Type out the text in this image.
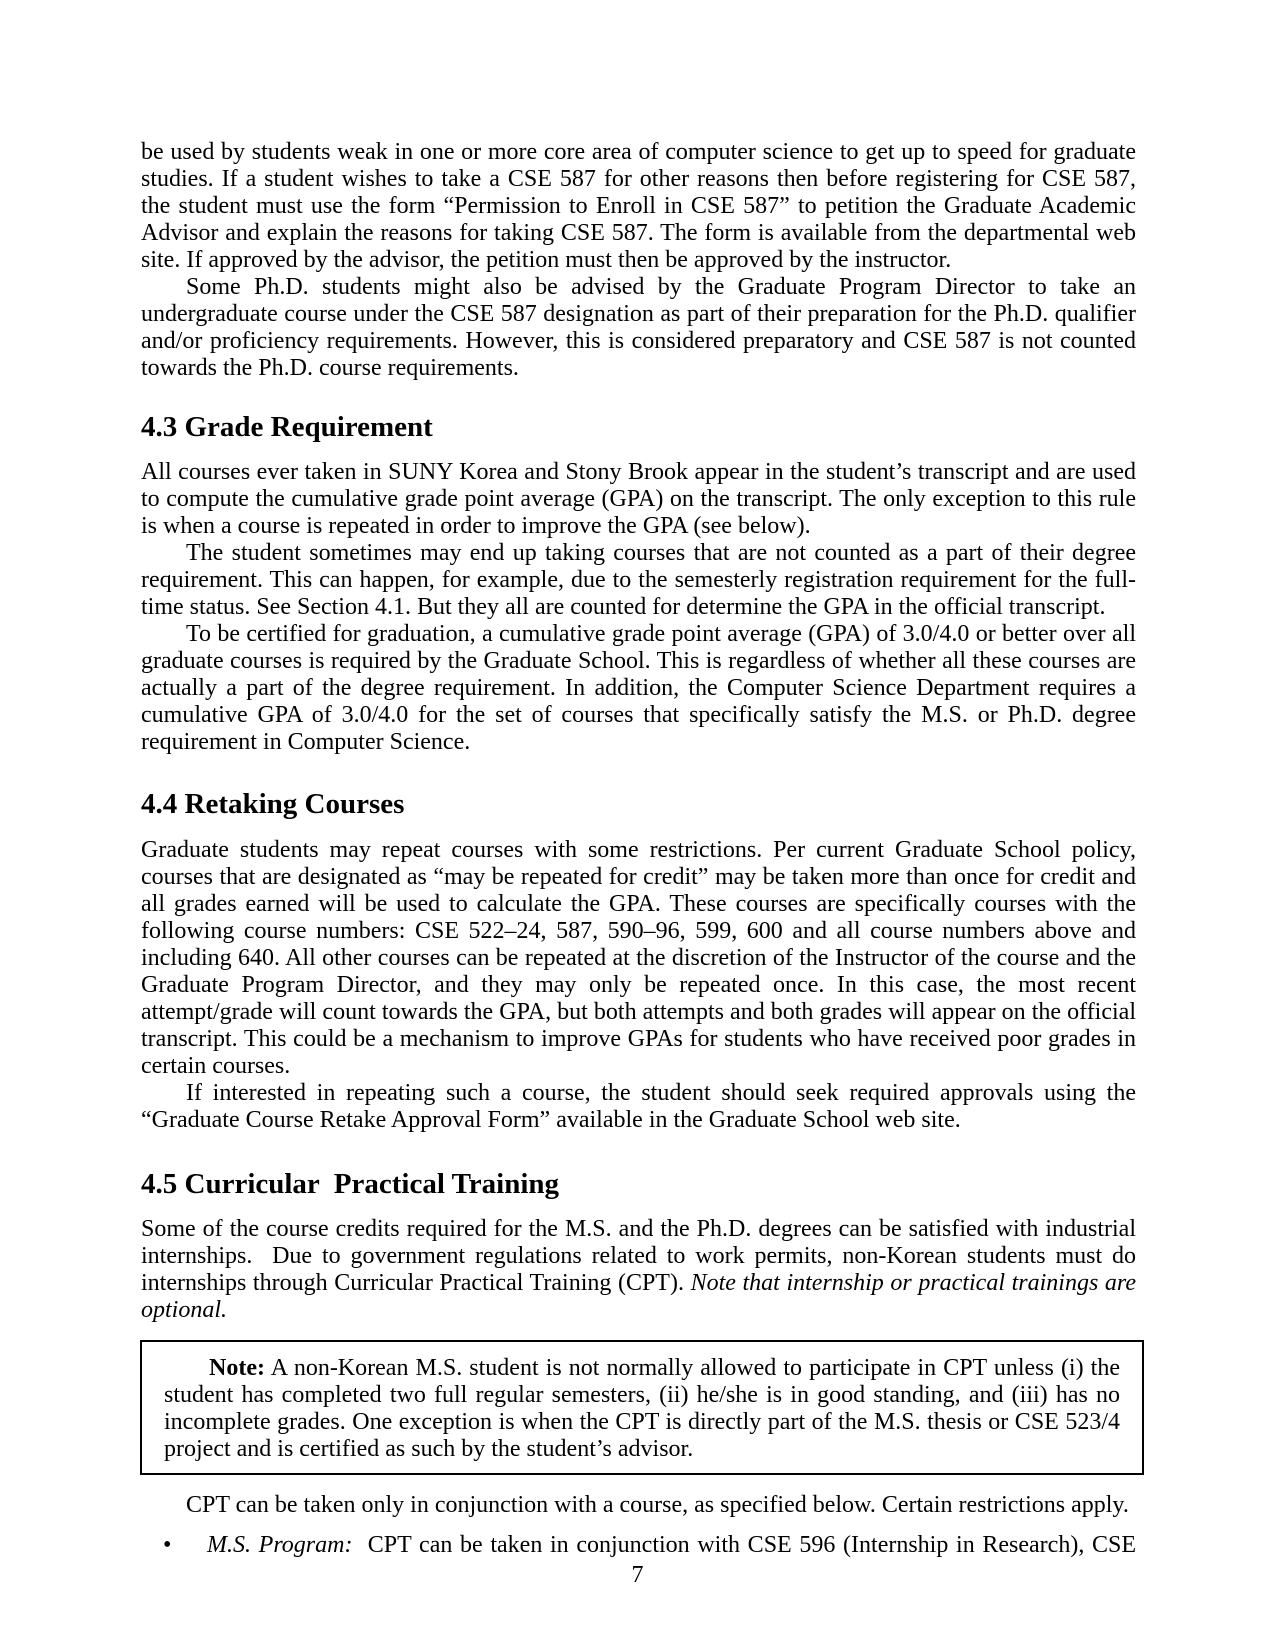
be used by students weak in one or more core area of computer science to get up to speed for graduate studies. If a student wishes to take a CSE 587 for other reasons then before registering for CSE 587, the student must use the form “Permission to Enroll in CSE 587” to petition the Graduate Academic Advisor and explain the reasons for taking CSE 587. The form is available from the departmental web site. If approved by the advisor, the petition must then be approved by the instructor.

Some Ph.D. students might also be advised by the Graduate Program Director to take an undergraduate course under the CSE 587 designation as part of their preparation for the Ph.D. qualifier and/or proficiency requirements. However, this is considered preparatory and CSE 587 is not counted towards the Ph.D. course requirements.

4.3 Grade Requirement

All courses ever taken in SUNY Korea and Stony Brook appear in the student’s transcript and are used to compute the cumulative grade point average (GPA) on the transcript. The only exception to this rule is when a course is repeated in order to improve the GPA (see below).

The student sometimes may end up taking courses that are not counted as a part of their degree requirement. This can happen, for example, due to the semesterly registration requirement for the full-time status. See Section 4.1. But they all are counted for determine the GPA in the official transcript.

To be certified for graduation, a cumulative grade point average (GPA) of 3.0/4.0 or better over all graduate courses is required by the Graduate School. This is regardless of whether all these courses are actually a part of the degree requirement. In addition, the Computer Science Department requires a cumulative GPA of 3.0/4.0 for the set of courses that specifically satisfy the M.S. or Ph.D. degree requirement in Computer Science.

4.4 Retaking Courses

Graduate students may repeat courses with some restrictions. Per current Graduate School policy, courses that are designated as “may be repeated for credit” may be taken more than once for credit and all grades earned will be used to calculate the GPA. These courses are specifically courses with the following course numbers: CSE 522–24, 587, 590–96, 599, 600 and all course numbers above and including 640. All other courses can be repeated at the discretion of the Instructor of the course and the Graduate Program Director, and they may only be repeated once. In this case, the most recent attempt/grade will count towards the GPA, but both attempts and both grades will appear on the official transcript. This could be a mechanism to improve GPAs for students who have received poor grades in certain courses.

If interested in repeating such a course, the student should seek required approvals using the “Graduate Course Retake Approval Form” available in the Graduate School web site.

4.5 Curricular  Practical Training

Some of the course credits required for the M.S. and the Ph.D. degrees can be satisfied with industrial internships.  Due to government regulations related to work permits, non-Korean students must do internships through Curricular Practical Training (CPT). Note that internship or practical trainings are optional.

Note: A non-Korean M.S. student is not normally allowed to participate in CPT unless (i) the student has completed two full regular semesters, (ii) he/she is in good standing, and (iii) has no incomplete grades. One exception is when the CPT is directly part of the M.S. thesis or CSE 523/4 project and is certified as such by the student’s advisor.

CPT can be taken only in conjunction with a course, as specified below. Certain restrictions apply.

•	M.S. Program:  CPT can be taken in conjunction with CSE 596 (Internship in Research), CSE

7
